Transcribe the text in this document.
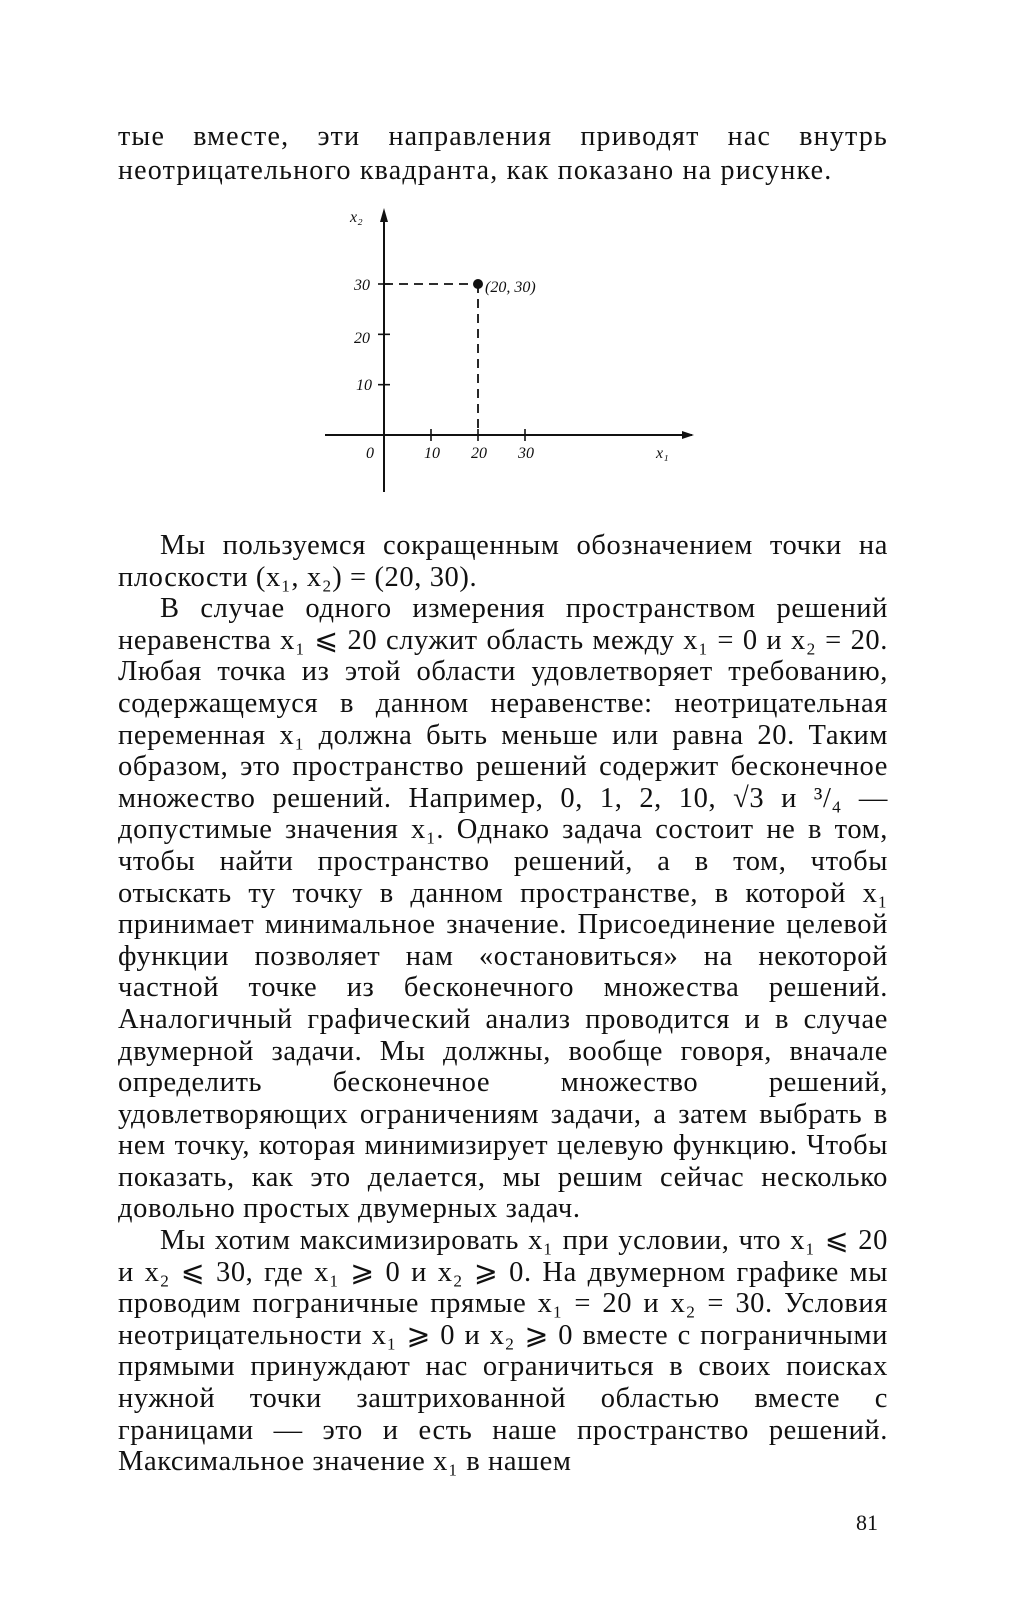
тые вместе, эти направления приводят нас внутрь неотрицательного квадранта, как показано на рисунке.

x₂
x₁
0
(20, 30)
10
20
30
10 20 30

Мы пользуемся сокращенным обозначением точки на плоскости (x₁, x₂) = (20, 30).

В случае одного измерения пространством решений неравенства x₁ ⩽ 20 служит область между x₁ = 0 и x₂ = 20. Любая точка из этой области удовлетворяет требованию, содержащемуся в данном неравенстве: неотрицательная переменная x₁ должна быть меньше или равна 20. Таким образом, это пространство решений содержит бесконечное множество решений. Например, 0, 1, 2, 10, √3 и ³/₄ — допустимые значения x₁. Однако задача состоит не в том, чтобы найти пространство решений, а в том, чтобы отыскать ту точку в данном пространстве, в которой x₁ принимает минимальное значение. Присоединение целевой функции позволяет нам «остановиться» на некоторой частной точке из бесконечного множества решений. Аналогичный графический анализ проводится и в случае двумерной задачи. Мы должны, вообще говоря, вначале определить бесконечное множество решений, удовлетворяющих ограничениям задачи, а затем выбрать в нем точку, которая минимизирует целевую функцию. Чтобы показать, как это делается, мы решим сейчас несколько довольно простых двумерных задач.

Мы хотим максимизировать x₁ при условии, что x₁ ⩽ 20 и x₂ ⩽ 30, где x₁ ⩾ 0 и x₂ ⩾ 0. На двумерном графике мы проводим пограничные прямые x₁ = 20 и x₂ = 30. Условия неотрицательности x₁ ⩾ 0 и x₂ ⩾ 0 вместе с пограничными прямыми принуждают нас ограничиться в своих поисках нужной точки заштрихованной областью вместе с границами — это и есть наше пространство решений. Максимальное значение x₁ в нашем

81
